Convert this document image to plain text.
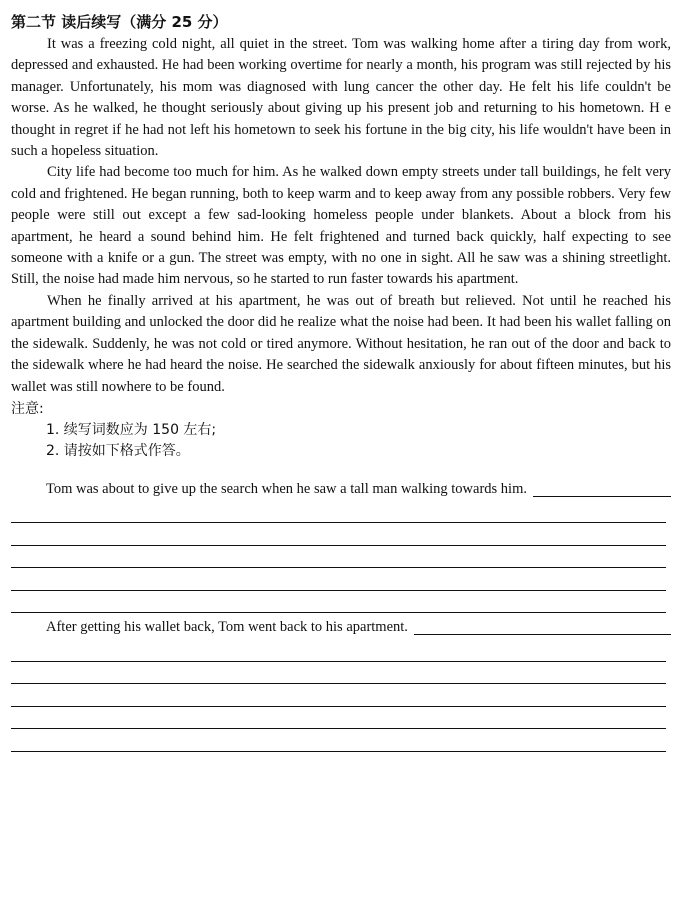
第二节 读后续写（满分 25 分）

It was a freezing cold night, all quiet in the street. Tom was walking home after a tiring day from work, depressed and exhausted. He had been working overtime for nearly a month, his program was still rejected by his manager. Unfortunately, his mom was diagnosed with lung cancer the other day. He felt his life couldn't be worse. As he walked, he thought seriously about giving up his present job and returning to his hometown. H e thought in regret if he had not left his hometown to seek his fortune in the big city, his life wouldn't have been in such a hopeless situation.

City life had become too much for him. As he walked down empty streets under tall buildings, he felt very cold and frightened. He began running, both to keep warm and to keep away from any possible robbers. Very few people were still out except a few sad-looking homeless people under blankets. About a block from his apartment, he heard a sound behind him. He felt frightened and turned back quickly, half expecting to see someone with a knife or a gun. The street was empty, with no one in sight. All he saw was a shining streetlight. Still, the noise had made him nervous, so he started to run faster towards his apartment.

When he finally arrived at his apartment, he was out of breath but relieved. Not until he reached his apartment building and unlocked the door did he realize what the noise had been. It had been his wallet falling on the sidewalk. Suddenly, he was not cold or tired anymore. Without hesitation, he ran out of the door and back to the sidewalk where he had heard the noise. He searched the sidewalk anxiously for about fifteen minutes, but his wallet was still nowhere to be found.

注意:
1. 续写词数应为 150 左右;
2. 请按如下格式作答。
Tom was about to give up the search when he saw a tall man walking towards him.
After getting his wallet back, Tom went back to his apartment.
